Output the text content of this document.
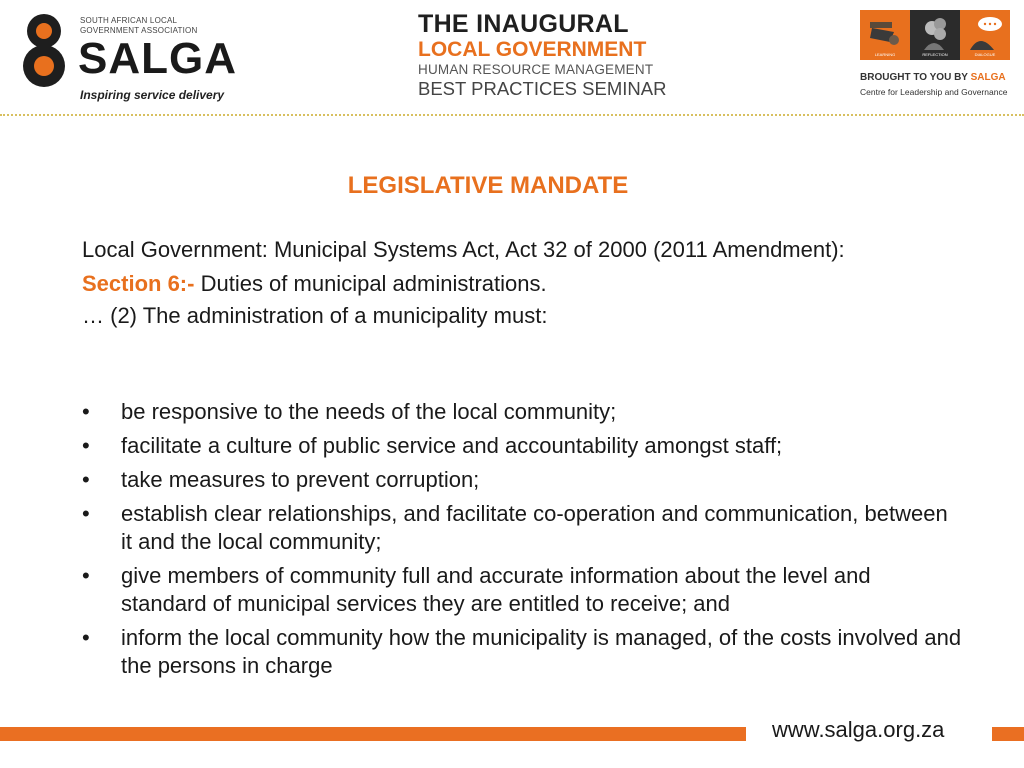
SOUTH AFRICAN LOCAL
GOVERNMENT ASSOCIATION
SALGA
Inspiring service delivery
THE INAUGURAL
LOCAL GOVERNMENT
HUMAN RESOURCE MANAGEMENT
BEST PRACTICES SEMINAR
LEARNING	REFLECTION	DIALOGUE
BROUGHT TO YOU BY SALGA
Centre for Leadership and Governance
LEGISLATIVE MANDATE

Local Government: Municipal Systems Act, Act 32 of 2000 (2011 Amendment):

Section 6:- Duties of municipal administrations.

… (2) The administration of a municipality must:

•	be responsive to the needs of the local community;
•	facilitate a culture of public service and accountability amongst staff;
•	take measures to prevent corruption;
•	establish clear relationships, and facilitate co-operation and communication, between it and the local community;
•	give members of community full and accurate information about the level and standard of municipal services they are entitled to receive; and
•	inform the local community how the municipality is managed, of the costs involved and the persons in charge
www.salga.org.za
